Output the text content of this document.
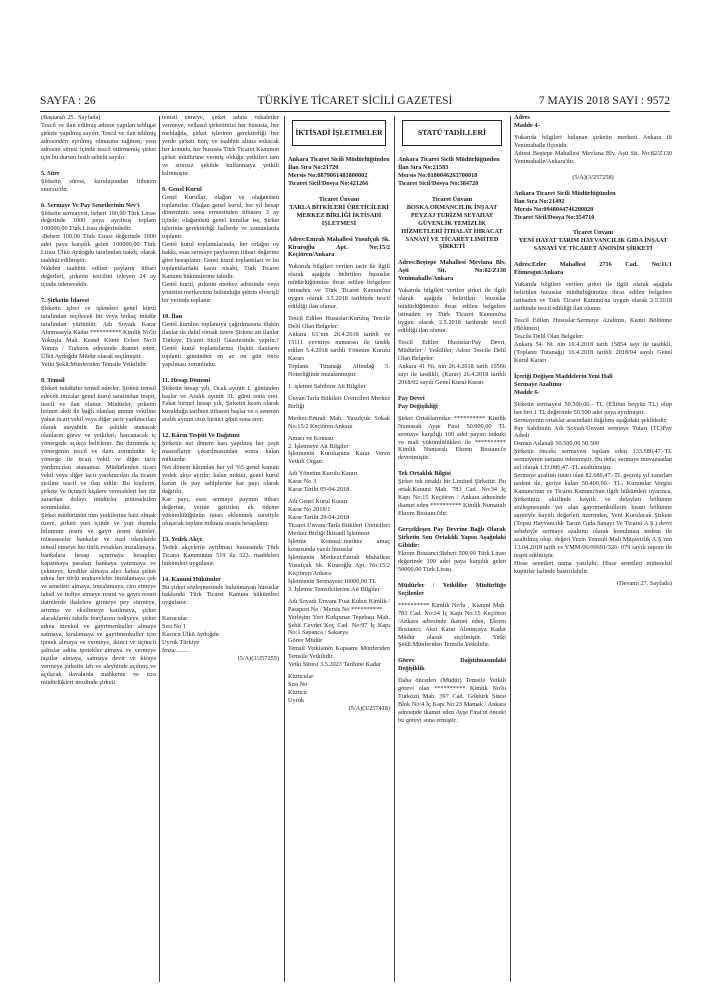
SAYFA : 26	TÜRKİYE TİCARET SİCİLİ GAZETESİ	7 MAYIS 2018 SAYI : 9572

(Baştarafı 25 . Sayfada)

Tescil ve ilan edilmiş adrese yapılan tebligat şirkete yapılmış sayılır. Tescil ve ilan edilmiş adresinden ayrılmış olmasına rağmen, yeni adresini süresi içinde tescil ettirmemiş şirket için bu durum fesih sebebi sayılır.

5. Süre

Şirketin süresi, kuruluşundan itibaren sınırsız'dır.

6. Sermaye Ve Pay Senetlerinin Nev'i

Şirketin sermayesi, beheri 100,00 Türk Lirası değerinde 1000 paya ayrılmış toplam 100000,00 Türk Lirası değerindedir.

-Beheri 100,00 Türk Lirası değerinde 1000 adet paya karşılık gelen 100000,00 Türk Lirası Ülkü Aydoğdu tarafından nakdi, olarak taahhüt edilmiştir.

Nakden taahhüt edilen payların itibari değerleri, şirketin tescilini izleyen 24 ay içinde ödenecektir.

7. Şirketin İdaresi

Şirketin işleri ve işlemleri genel kurul tarafından seçilecek bir veya birkaç müdür tarafından yürütülür. Adı Soyadı Karar Alınmasıyla Kadar ********** Kimlik No'lu Yokuşlu Mah. Kestel Köme Evleri No:9 Yomra / Trabzon adresinde ikamet eden, Ülkü Aydoğdu Müdür olarak seçilmiştir.

Yetki Şekli:Münferiden Temsile Yetkilidir.

8. Temsil

Şirketi müdürler temsil ederler. Şirketi temsil edecek imzalar genel kurul tarafından tespit, tescil ve ilan olunur. Müdürler, şirketin hizmet akdi ile bağlı olanları umum vekiline yahut ticari vekil veya diğer tacir yardımcıları olarak atayabilir. Bu şekilde atanacak olanların görev ve yetkileri, harcanacak iç yönergede açıkça belirlenir. Bu durumda iç yönergenin tescil ve ilanı zorunludur. İç yönerge ile ticari vekil ve diğer tacir yardımcıları atanamaz. Müdürlerden ticari vekil veya diğer tacir yardımcıları da ticaret siciline tescil ve ilan edilir. Bu kişilerin, şirkete ve üçüncü kişilere verecekleri her tür zarardan dolayı müdürler müteselsilen sorumludur.

Şirket müdürünün tüm yetkilerine haiz olmak üzere, şirketi yurt içinde ve yurt dışında bilumum resmi ve gayri resmi daireler, müesseseler bankalar ve özel idarelerde temsil etmeye her türlü evrakları imzalamaya, bankalara hesap açtırmaya hesapları kapatmaya paraları bankaya yatırmaya ve çekmeye, krediler almaya alıcı kabza şirket adına her türlü mukaveleler imzalamaya çek ve senetleri almaya, imzalamaya, ciro etmeye tahsil ve tediye etmeye resmi ve gayri resmi dairelerde ihalelere girmeye pey sürmeye, artırma ve eksiltmeye katılmaya, şirket alacaklarını tahsile borçlarını tediyeye, şirket adına menkul ve gayrimenkuller almaya satmaya, kiralamaya ve gayrimenkuller için ipotek almaya ve vermeye, ikinci ve üçüncü şahıslar adına ipotekler almaya ve vermeye taşıtlar almaya, satmaya devir ve kiraya vermeye şirketin leh ve aleyhinde açılmış ve açılacak davalarda mahkeme ve icra müdürlükleri nezdinde şirketi

temsil etmeye, şirket adına vekaletler vermeye, velhasıl şirketimizi her hususta, her meblağda, şirket işlerinin gerektirdiği her yerde şirketi borç ve taahhüt altına sokacak her konuda, her hususta Türk Ticaret Kanunun şirket müdürüne vermiş olduğu yetkileri tam ve sınırsız şekilde kullanmaya yetkili kılınmıştır.

9. Genel Kurul

Genel Kurullar, olağan ve olağanüstü toplanırlar. Olağan genel kurul, her yıl hesap döneminin sona ermesinden itibaren 3 ay içinde; olağanüstü genel kurullar ise, Şirket işlerinin gerektirdiği hallerde ve zamanlarda toplanır.

Genel kurul toplantılarında, her ortağın oy hakkı, esas sermaye paylarının itibari değerine göre hesaplanır. Genel kurul toplantıları ve bu toplantılardaki karar nisabı, Türk Ticaret Kanunu hükümlerine tabidir.

Genel kurul, şirketin merkez adresinde veya yönetim merkezinin bulunduğu şehrin elverişli bir yerinde toplanır.

10. İlan

Genel kurulun toplantıya çağrılmasına ilişkin ilanlar da dahil olmak üzere Şirkete ait ilanlar Türkiye Ticaret Sicili Gazetesinde yapılır.? Genel kurul toplantılarına ilişkin ilanların toplantı gününden en az on gün önce yapılması zorunludur.

11. Hesap Dönemi

Şirketin hesap yılı, Ocak ayının 1. gününden başlar ve Aralık ayının 31. günü sona erer. Fakat birinci hesap yılı, Şirketin kesin olarak kurulduğu tarihten itibaren başlar ve o senenin aralık ayının otuz birinci günü sona erer.

12. Kârın Tespiti Ve Dağıtımı

Şirketin net dönem karı yapılmış her çeşit masrafların çıkarılmasından sonra kalan miktardır.

Net dönem kârından her yıl %5 genel kanuni yedek akçe ayrılır; kalan miktar, genel kurul kararı ile pay sahiplerine kar payı olarak dağıtılır.

Kar payı, esas sermaye payının itibari değerine, yerine getirilen ek ödeme yükümlülüğünün tutarı eklenmek suretiyle oluşacak toplam miktara oranla hesaplanır.

13. Yedek Akçe

Yedek akçelerin ayrılması hususunda Türk Ticaret Kanununun 519 ila 523. maddeleri hükümleri uygulanır.

14. Kanuni Hükümler

Bu şirket sözleşmesinde bulunmayan hususlar hakkında Türk Ticaret Kanunu hükümleri uygulanır.

Kurucular

Sıra No 1

Kurucu Ülkü Aydoğdu

Uyruk Türkiye

İmza:........

(5/A)(3/257255)

İKTİSADİ İŞLETMELER

Ankara Ticaret Sicili Müdürlüğünden

İlan Sıra No:21720

Mersis No:0879061481800002

Ticaret Sicil/Dosya No:421266

Ticaret Ünvanı

TARLA BİTKİLERİ ÜRETİCİLERİ MERKEZ BİRLİĞİ İKTİSADİ İŞLETMESİ

Adres:Emrah Mahallesi Yusufçuk Sk. Kiraroğlu Apt. No:15/2 Keçiören/Ankara

Yukarıda bilgileri verilen tacir ile ilgili olarak aşağıda belirtilen hususlar müdürlüğümüze ibraz edilen belgelere istinaden ve Türk Ticaret Kanunu'na uygun olarak 3.5.2018 tarihinde tescil edildiği ilan olunur.

Tescil Edilen Hususlar:Kuruluş Tescile Delil Olan Belgeler:

Ankara 63.'nin 26.4.2018 tarihli ve 15111 yevmiye numarası ile tasdik edilen 5.4.2018 tarihli Yönetim Kurulu Kararı

Toplantı Tutanağı Altındağ 5. Noterliğinde imzalanmıştır.

1. işletme Sahibine Ait Bilgiler

Ünvan:Tarla Bitkileri Üreticileri Merkez Birliği

Merkez:Emrah Mah. Yusufçuk Sokak No:15/2 Keçiören Ankara

Amacı ve Konusu:

2. İşletmeye Ait Bilgiler

İşletmenin Kuruluşuna Karar Veren Yetkili Organ:

Adı Yönetim Kurulu Kararı

Karar No 3

Karar Tarihi 05-04-2018

Adı Genel Kurul Kararı

Karar No 2018/1

Karar Tarihi 29-04-2018

Ticaret Ünvanı:Tarla Bitkileri Üreticileri Merkez Birliği İktisadi İşletmesi

İşletme Konusu:.merkez amaç konusunda yazılı hususlar

İşletmenin Merkezi:Emrah Mahallesi Yusufçuk Sk. Kiraroğlu Apt. No:15/2 Keçiören/Ankara

İşletmenin Sermayesi:10000,00 TL

3. İşletme Temsilcilerine Ait Bilgiler

Adı Soyadı Ünvanı Fuat Kukut Kimlik / Passport No / Mersis No **********

Yerleşim Yeri Kırkpınar Tepebaşı Mah. Şehit Cevdet Koç Cad. No:97 İç Kapı No:1 Sapanca / Sakarya

Görev Müdür

Temsil Yetkisinin Kapsamı Münferiden Temsile Yetkilidir.

Yetki Süresi 3.5.2023 Tarihine Kadar

Kurucular

Sıra No

Kurucu

Uyruk

(5/A)(3/257418)

STATÜ TADİLLERİ

Ankara Ticaret Sicili Müdürlüğünden

İlan Sıra No:21583

Mersis No:0180046263700018

Ticaret Sicil/Dosya No:384720

Ticaret Ünvanı

BOSKA ORMANCILIK İNŞAAT PEYZAJ TURİZM SEYAHAT GÜVENLİK TEMİZLİK HİZMETLERİ İTHALAT İHRACAT SANAYİ VE TİCARET LİMİTED ŞİRKETİ

Adres:Beştepe Mahallesi Mevlana Blv. Aşti Sit. No:82/Z130 Yenimahalle/Ankara

Yukarıda bilgileri verilen şirket ile ilgili olarak aşağıda belirtilen hususlar müdürlüğümüze ibraz edilen belgelere istinaden ve Türk Ticaret Kanunu'na uygun olarak 2.5.2018 tarihinde tescil edildiği ilan olunur.

Tescil Edilen Hususlar:Pay Devri, Müdürler / Yetkililer, Adres Tescile Delil Olan Belgeler:

Ankara 41 Nt. nin 26.4.2018 tarih 10566 sayı ile tasdikli, (Karar) 26.4.2018 tarihli 2018/02 sayılı Genel Kurul Kararı

Pay Devri

Pay Değişikliği

Şirket Ortaklarından ********** Kimlik Numaralı Ayşe Fırat 50.000,00 TL sermaye karşılığı 100 adet payını hukuki ve mali yükümlülükleri ile ********** Kimlik Numaralı Ekrem Bostanci'e devretmiştir.

Tek Ortaklık Bilgisi

Şirket tek ortaklı bir Limited Şirkettir. Bu ortak.Kanuni Mah. 783 Cad. No:34 İç Kapı No:15 Keçiören / Ankara adresinde ikamet eden ********** Kimlik Numaralı Ekrem Bostanci'dır.

Gerçekleşen Pay Devrine Bağlı Olarak Şirketin Son Ortaklık Yapısı Aşağıdaki Gibidir:

Ekrem Bostanci:Beheri 500,00 Türk Lirası değerinde 100 adet paya karşılık gelen 50000,00 Türk Lirası.

Müdürler / Yetkililer Müdürlüğe Seçilenler

********** Kimlik No'lu , Kanuni Mah. 783 Cad. No:34 İç Kapı No:15 Keçiören /Ankara adresinde ikamet eden, Ekrem Bostanci; Aksi Karar Alınıncaya Kadar Müdür olarak seçilmiştir. Yetki Şekli:Münferiden Temsile Yetkilidir.

Görev	Dağıtılmasındaki

Değişiklik

Daha önceden (Müdür) Temsile Yetkili görevi olan ********** Kimlik No'lu Türközü Mah. 397 Cad. Göktürk Sitesi Blok No:4 İç Kapı No:23 Mamak / Ankara adresinde ikamet eden Ayşe Fırat'ın önceki bu görevi sona ermiştir.

Adres

Madde 4-

Yukarıda bilgileri bulunan şirketin merkezi Ankara ili Yenimahalle ilçesidir.

Adresi Beştepe Mahallesi Mevlana Blv. Aşti Sit. No:82/Z130 Yenimahalle/Ankara'dır.

(5/A)(3/257258)

Ankara Ticaret Sicili Müdürlüğünden

İlan Sıra No:21492

Mersis No:0948044746200020

Ticaret Sicil/Dosya No:354710

Ticaret Ünvanı

YENİ HAYAT TARIM HAYVANCILIK GIDA İNŞAAT SANAYİ VE TİCARET ANONİM ŞİRKETİ

Adres:Erler Mahallesi 2716 Cad. No:11/1 Etimesgut/Ankara

Yukarıda bilgileri verilen şirket ile ilgili olarak aşağıda belirtilen hususlar müdürlüğümüze ibraz edilen belgelere istinaden ve Türk Ticaret Kanunu'na uygun olarak 2.5.2018 tarihinde tescil edildiği ilan olunur.

Tescil Edilen Hususlar:Sermaye Azaltımı, Kısmi Bölünme (Bölünen)

Tescile Delil Olan Belgeler:

Ankara 54. Nt. nin 16.4.2018 tarih 15854 sayı ile tasdikli, (Toplantı Tutanağı) 16.4.2018 tarihli 2018/04 sayılı Genel Kurul Kararı

İçeriği Değişen Maddelerin Yeni Hali

Sermaye Azaltımı

Madde 6-

Şirketin sermayesi 50.500,00.- TL (Ellibin beşyüz TL) olup her biri 1 TL değerinde 50.500 adet paya ayrılmıştır.

Sermayenin ortaklar arasındaki dağılımı aşağıdaki şekildedir;

Pay Sahibinin Adı Soyadı/Ünvanı sermaye Tutarı (TL)Pay Adedi

Osman Aslanali 50.500,00 50.500

Şirketin önceki sermayesi toplam eden 133.586,47.-TL sermayenin tamamı ödenmiştir. Bu defa; sermaye muvazaadan azl olarak 133.086,47.-TL azaltılmıştır.

Sermaye azaltım tutarı olan 82.686,47.-TL geçmiş yıl zararları nedeni ile, geriye kalan 50.400,00.- TL; Kurumlar Vergisi Kanunu'nun ve Ticaret Kanunu'nun ilgili hükümleri uyarınca, Şirketimiz aktifinde kayıtlı ve detayları bölünme sözleşmesinde yer alan gayrimenkullerin kısmi bölünme suretiyle kayıtlı değerleri üzerinden, Yeni Kurulacak Şirkete (Topsu Hayvancılık Tarım Gıda Sanayi Ve Ticaret A.Ş.) devri sebebiyle sermaye azaltımı olarak konulması nedeni ile azaltılmış olup, değeri Yezin Yeminli Mali Müşavirlik A.Ş.'nin 13.04.2018 tarih ve YMM-06/00691/326- 079 sayılı raporu ile tespit edilmiştir.

Hisse senetleri nama yazılıdır. Hisse senetleri müteselsil kupürler halinde bastırılabilir.

(Devamı 27. Sayfada)
